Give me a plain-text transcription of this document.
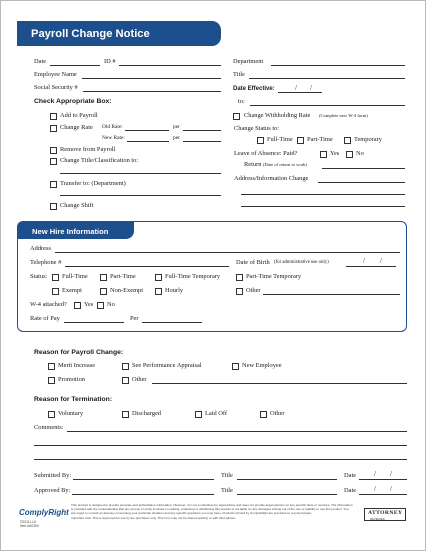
Payroll Change Notice
Date	ID #
Employee Name
Social Security #
Department
Title
Date Effective:	/ /
to:
Check Appropriate Box:
Add to Payroll
Change Rate Old Rate:	per
New Rate:	per
Remove from Payroll
Change Title/Classification to:
Transfer to: (Department)
Change Shift
Change Withholding Rate (Complete new W-4 form)
Change Status to:
Full-Time Part-Time	Temporary
Leave of Absence: Paid?	Yes	No
Return (Date of return to work)
Address/Information Change
New Hire Information
Address
Telephone #	Date of Birth (for administrative use only)	/ /
Status: Full-Time	Part-Time	Full-Time Temporary	Part-Time Temporary
Exempt	Non-Exempt	Hourly	Other
W-4 attached?	Yes No
Rate of Pay	Per
Reason for Payroll Change:
Merit Increase	See Performance Appraisal	New Employee
Promotion	Other
Reason for Termination:
Voluntary	Discharged	Laid Off	Other
Comments:
Submitted By:	Title	Date	/ /
Approved By:	Title	Date	/ /
ComplyRight
©2011 LLK
Item #A0394
This product is designed to provide accurate and authoritative information. However, it is not a substitute for legal advice and does not provide legal opinions on any specific facts or services. The information is provided with the understanding that any person or entity involved in creating, producing or distributing this product is not liable for any damages arising out of the use or inability to use this product. You are urged to consult an attorney concerning your particular situation and any specific questions you may have. Products printed by ComplyRight are provided on recycled paper.
Important note: This is approved for use by the purchaser only. This form may not be shared publicly or with third parties.
ATTORNEY
REVIEWED
